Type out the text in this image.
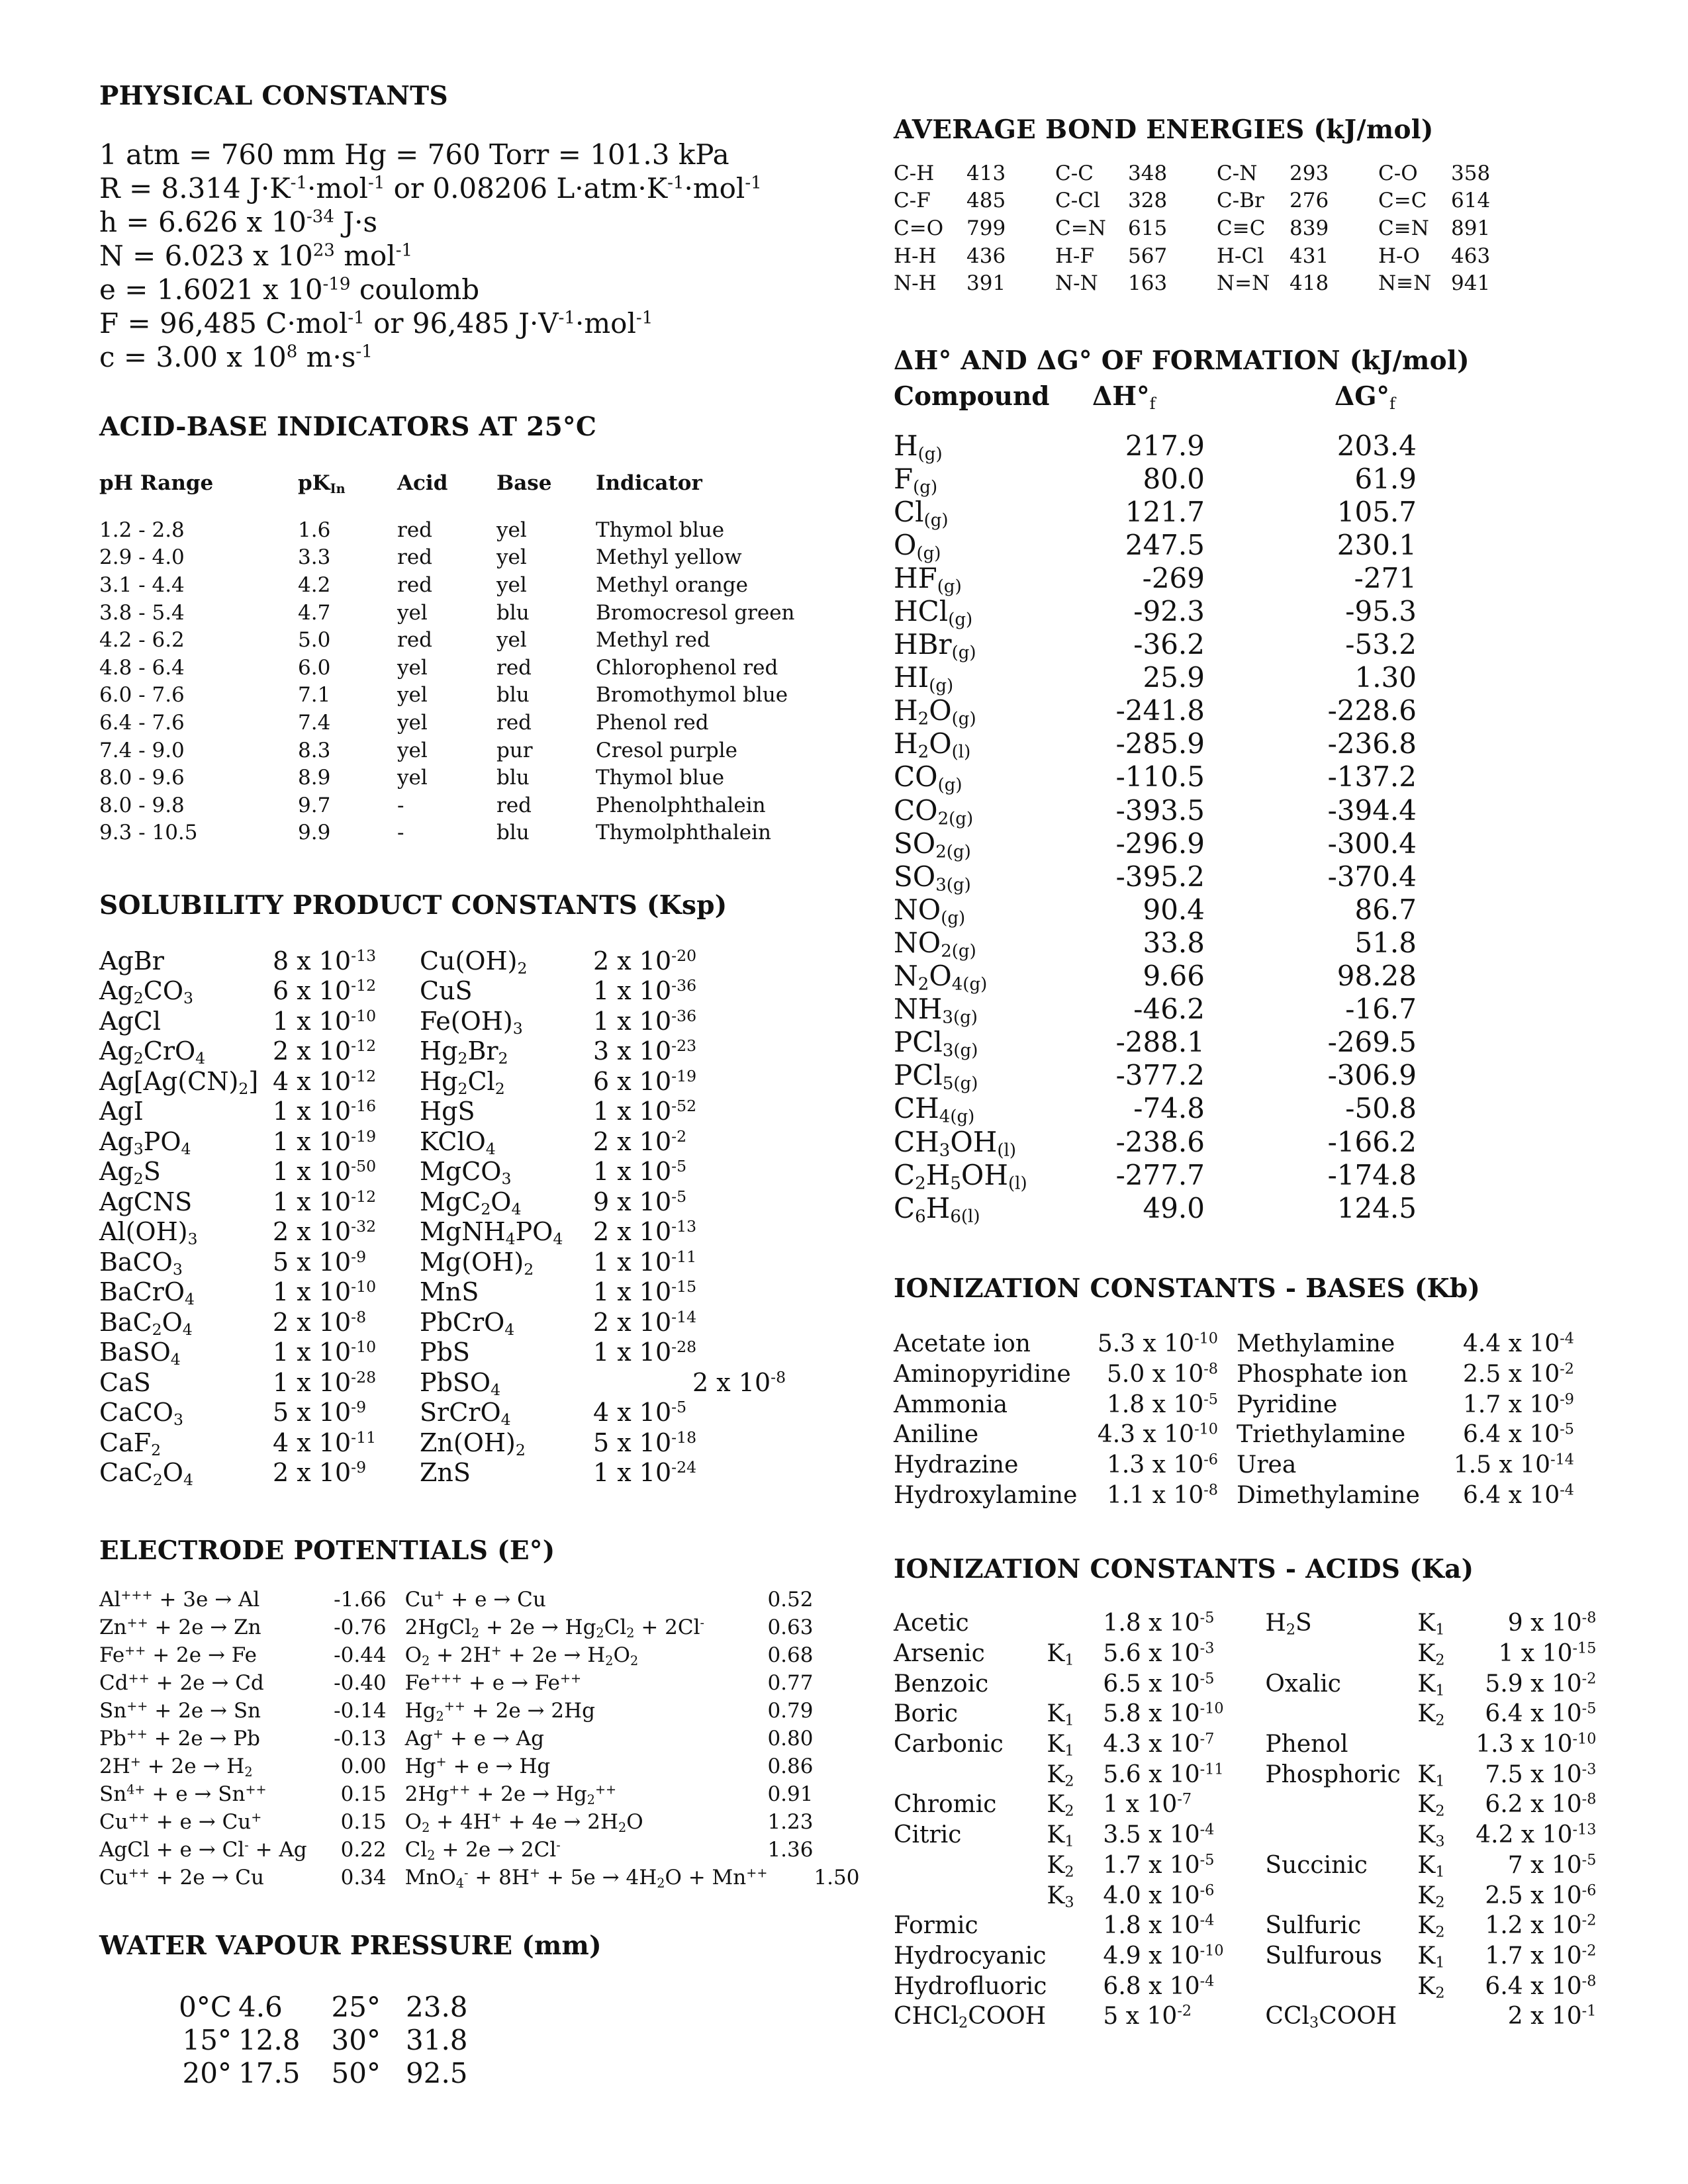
PHYSICAL CONSTANTS
1 atm = 760 mm Hg = 760 Torr = 101.3 kPa
R = 8.314 $J\cdot K^{-1}\cdot mol^{-1}$ or 0.08206 $L\cdot atm\cdot K^{-1}\cdot mol^{-1}$
h = 6.626 x $10^{-34}$ J·s
N = 6.023 x $10^{23}$ mol$^{-1}$
e = 1.6021 x $10^{-19}$ coulomb
F = 96,485 C·mol$^{-1}$ or 96,485 $J\cdot V^{-1}\cdot mol^{-1}$
c = 3.00 x $10^8$ $m\cdot s^{-1}$
ACID-BASE INDICATORS AT 25°C
pH Range	$pK_{In}$	Acid	Base	Indicator

1.2 - 2.8	1.6	red	yel	Thymol blue
2.9 - 4.0	3.3	red	yel	Methyl yellow
3.1 - 4.4	4.2	red	yel	Methyl orange
3.8 - 5.4	4.7	yel	blu	Bromocresol green
4.2 - 6.2	5.0	red	yel	Methyl red
4.8 - 6.4	6.0	yel	red	Chlorophenol red
6.0 - 7.6	7.1	yel	blu	Bromothymol blue
6.4 - 7.6	7.4	yel	red	Phenol red
7.4 - 9.0	8.3	yel	pur	Cresol purple
8.0 - 9.6	8.9	yel	blu	Thymol blue
8.0 - 9.8	9.7	-	red	Phenolphthalein
9.3 - 10.5	9.9	-	blu	Thymolphthalein
SOLUBILITY PRODUCT CONSTANTS (Ksp)
AgBr	8 x $10^{-13}$	$Cu(OH)_2$	2 x $10^{-20}$
$Ag_2CO_3$	6 x $10^{-12}$	CuS	1 x $10^{-36}$
AgCl	1 x $10^{-10}$	$Fe(OH)_3$	1 x $10^{-36}$
$Ag_2CrO_4$	2 x $10^{-12}$	$Hg_2Br_2$	3 x $10^{-23}$
$Ag[Ag(CN)_2]$	4 x $10^{-12}$	$Hg_2Cl_2$	6 x $10^{-19}$
AgI	1 x $10^{-16}$	HgS	1 x $10^{-52}$
$Ag_3PO_4$	1 x $10^{-19}$	KClO$_4$	2 x $10^{-2}$
$Ag_2S$	1 x $10^{-50}$	MgCO$_3$	1 x $10^{-5}$
AgCNS	1 x $10^{-12}$	$MgC_2O_4$	9 x $10^{-5}$
$Al(OH)_3$	2 x $10^{-32}$	$MgNH_4PO_4$	2 x $10^{-13}$
BaCO$_3$	5 x $10^{-9}$	$Mg(OH)_2$	1 x $10^{-11}$
BaCrO$_4$	1 x $10^{-10}$	MnS	1 x $10^{-15}$
$BaC_2O_4$	2 x $10^{-8}$	PbCrO$_4$	2 x $10^{-14}$
BaSO$_4$	1 x $10^{-10}$	PbS	1 x $10^{-28}$
CaS	1 x $10^{-28}$	PbSO$_4$	2 x $10^{-8}$
CaCO$_3$	5 x $10^{-9}$	SrCrO$_4$	4 x $10^{-5}$
CaF$_2$	4 x $10^{-11}$	$Zn(OH)_2$	5 x $10^{-18}$
$CaC_2O_4$	2 x $10^{-9}$	ZnS	1 x $10^{-24}$
ELECTRODE POTENTIALS (E°)
Al+++ + 3e → Al	-1.66	Cu+ + e → Cu	0.52
Zn++ + 2e → Zn	-0.76	2HgCl$_2$ + $2e \to Hg_2Cl_2 + 2Cl^-$	0.63
Fe++ + 2e → Fe	-0.44	$O_2 + 2H^+ + 2e \to H_2O_2$	0.68
Cd++ + 2e → Cd	-0.40	Fe+++ + e → Fe++	0.77
Sn++ + 2e → Sn	-0.14	$Hg_2^{++} + 2e \to 2Hg$	0.79
Pb++ + 2e → Pb	-0.13	Ag+ + e → Ag	0.80
$2H^+ + 2e \to H_2$	0.00	Hg+ + e → Hg	0.86
$Sn^{4+} + e \to Sn^{++}$	0.15	$2Hg^{++} + 2e \to Hg_2^{++}$	0.91
Cu++ + e → Cu+	0.15	$O_2 + 4H^+ + 4e \to 2H_2O$	1.23
AgCl + e → Cl- + Ag	0.22	$Cl_2 + 2e \to 2Cl^-$	1.36
Cu++ + 2e → Cu	0.34	$MnO_4^- + 8H^+ + 5e \to 4H_2O + Mn^{++}$	1.50
WATER VAPOUR PRESSURE (mm)
0°C	4.6	25°	23.8
15°	12.8	30°	31.8
20°	17.5	50°	92.5
AVERAGE BOND ENERGIES (kJ/mol)
C-H	413	C-C	348	C-N	293	C-O	358
C-F	485	C-Cl	328	C-Br	276	C=C	614
C=O	799	C=N	615	C≡C	839	C≡N	891
H-H	436	H-F	567	H-Cl	431	H-O	463
N-H	391	N-N	163	N=N	418	N≡N	941
ΔH° AND ΔG° OF FORMATION (kJ/mol)
Compound	$\Delta H^\circ_f$	$\Delta G^\circ_f$

$H_{(g)}$	217.9	203.4
$F_{(g)}$	80.0	61.9
$Cl_{(g)}$	121.7	105.7
$O_{(g)}$	247.5	230.1
$HF_{(g)}$	-269	-271
HCl$_{(g)}$	-92.3	-95.3
HBr$_{(g)}$	-36.2	-53.2
$HI_{(g)}$	25.9	1.30
$H_2O_{(g)}$	-241.8	-228.6
$H_2O_{(l)}$	-285.9	-236.8
$CO_{(g)}$	-110.5	-137.2
$CO_{2(g)}$	-393.5	-394.4
$SO_{2(g)}$	-296.9	-300.4
$SO_{3(g)}$	-395.2	-370.4
$NO_{(g)}$	90.4	86.7
$NO_{2(g)}$	33.8	51.8
$N_2O_{4(g)}$	9.66	98.28
$NH_{3(g)}$	-46.2	-16.7
PCl$_{3(g)}$	-288.1	-269.5
PCl$_{5(g)}$	-377.2	-306.9
$CH_{4(g)}$	-74.8	-50.8
$CH_3OH_{(l)}$	-238.6	-166.2
$C_2H_5OH_{(l)}$	-277.7	-174.8
$C_6H_{6(l)}$	49.0	124.5
IONIZATION CONSTANTS - BASES (Kb)
Acetate ion	5.3 x $10^{-10}$	Methylamine	4.4 x $10^{-4}$
Aminopyridine	5.0 x $10^{-8}$	Phosphate ion	2.5 x $10^{-2}$
Ammonia	1.8 x $10^{-5}$	Pyridine	1.7 x $10^{-9}$
Aniline	4.3 x $10^{-10}$	Triethylamine	6.4 x $10^{-5}$
Hydrazine	1.3 x $10^{-6}$	Urea	1.5 x $10^{-14}$
Hydroxylamine	1.1 x $10^{-8}$	Dimethylamine	6.4 x $10^{-4}$
IONIZATION CONSTANTS - ACIDS (Ka)
Acetic		1.8 x $10^{-5}$	$H_2S$	$K_1$	9 x $10^{-8}$
Arsenic	$K_1$	5.6 x $10^{-3}$		$K_2$	1 x $10^{-15}$
Benzoic		6.5 x $10^{-5}$	Oxalic	$K_1$	5.9 x $10^{-2}$
Boric	$K_1$	5.8 x $10^{-10}$		$K_2$	6.4 x $10^{-5}$
Carbonic	$K_1$	4.3 x $10^{-7}$	Phenol		1.3 x $10^{-10}$
	$K_2$	5.6 x $10^{-11}$	Phosphoric	$K_1$	7.5 x $10^{-3}$
Chromic	$K_2$	1 x $10^{-7}$		$K_2$	6.2 x $10^{-8}$
Citric	$K_1$	3.5 x $10^{-4}$		$K_3$	4.2 x $10^{-13}$
	$K_2$	1.7 x $10^{-5}$	Succinic	$K_1$	7 x $10^{-5}$
	$K_3$	4.0 x $10^{-6}$		$K_2$	2.5 x $10^{-6}$
Formic		1.8 x $10^{-4}$	Sulfuric	$K_2$	1.2 x $10^{-2}$
Hydrocyanic		4.9 x $10^{-10}$	Sulfurous	$K_1$	1.7 x $10^{-2}$
Hydrofluoric		6.8 x $10^{-4}$		$K_2$	6.4 x $10^{-8}$
CHCl$_2$COOH		5 x $10^{-2}$	CCl$_3$COOH		2 x $10^{-1}$
